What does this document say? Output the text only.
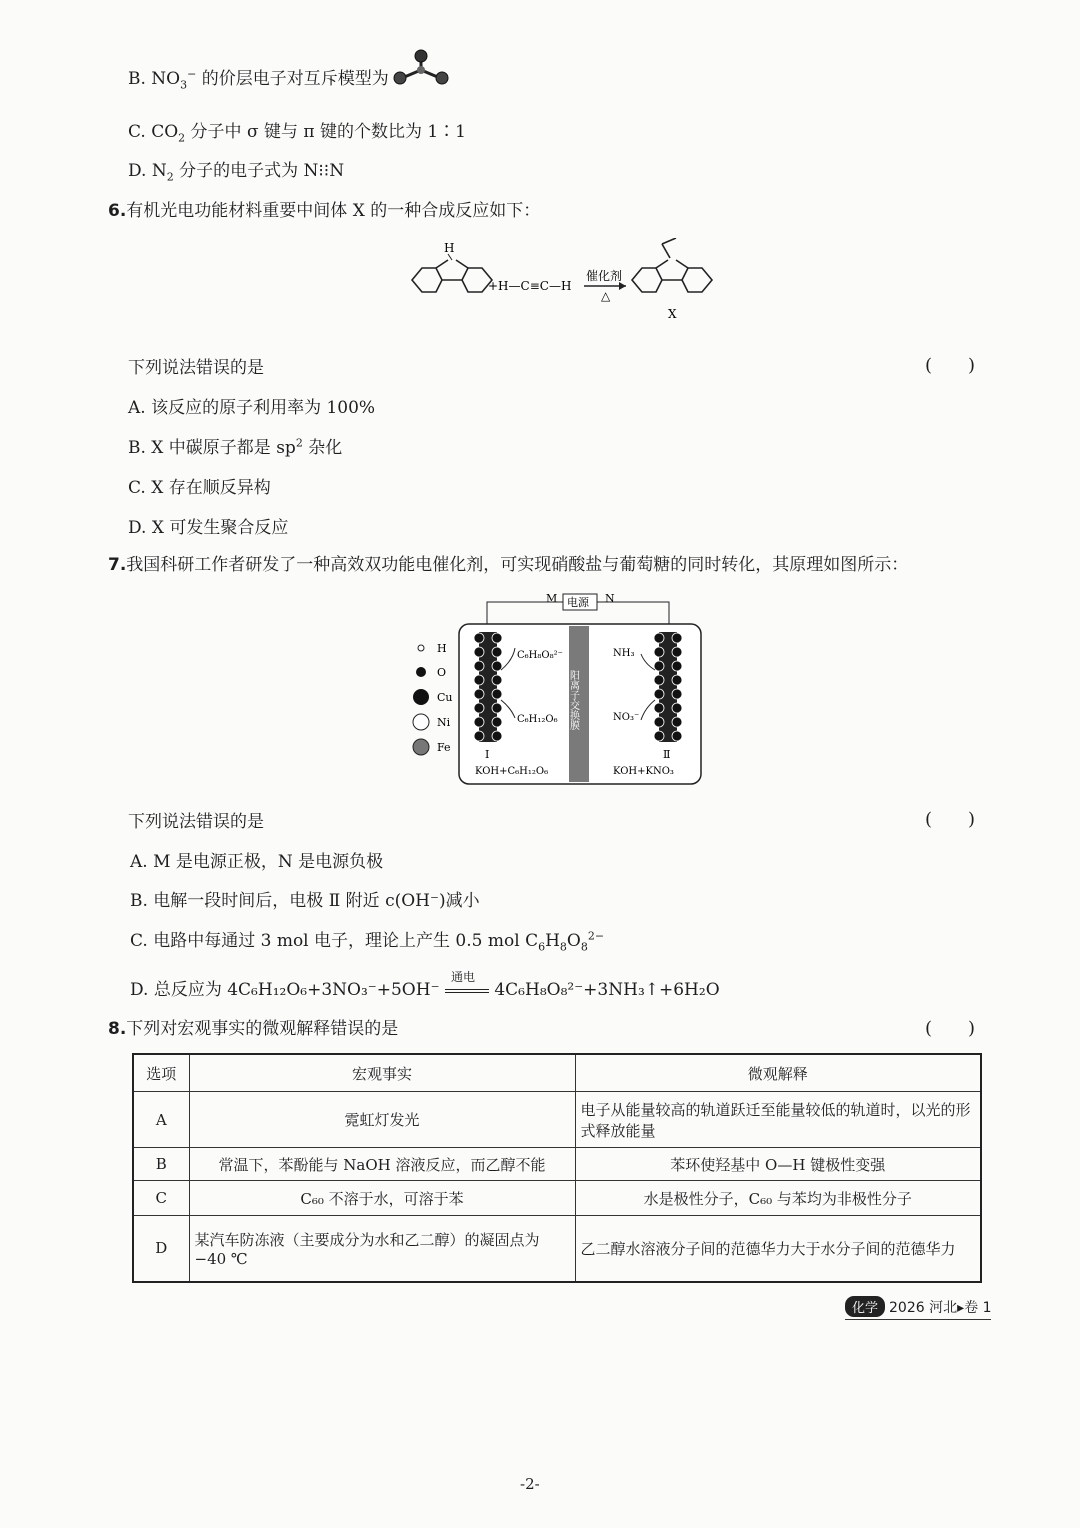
B. $NO_3^-$ 的价层电子对互斥模型为
C. $CO_2$ 分子中 σ 键与 π 键的个数比为 1∶1
D. $N_2$ 分子的电子式为 N⁝⁝N
6.有机光电功能材料重要中间体 X 的一种合成反应如下：
H
+H—C≡C—H
催化剂
△
X
下列说法错误的是	(　　)
A. 该反应的原子利用率为 100%
B. X 中碳原子都是 $sp^2$ 杂化
C. X 存在顺反异构
D. X 可发生聚合反应
7.我国科研工作者研发了一种高效双功能电催化剂，可实现硝酸盐与葡萄糖的同时转化，其原理如图所示：
H
O
Cu
Ni
Fe
电源
M	N
阳离子交换膜
C₆H₈O₈²⁻
C₆H₁₂O₆
Ⅰ
KOH+C₆H₁₂O₆
NH₃
NO₃⁻
Ⅱ
KOH+KNO₃
下列说法错误的是	(　　)
A. M 是电源正极，N 是电源负极
B. 电解一段时间后，电极 Ⅱ 附近 c(OH⁻)减小
C. 电路中每通过 3 mol 电子，理论上产生 0.5 mol $C_6H_8O_8^{2-}$
D. 总反应为 4C₆H₁₂O₆+3NO₃⁻+5OH⁻
通电
4C₆H₈O₈²⁻+3NH₃↑+6H₂O
8.下列对宏观事实的微观解释错误的是	(　　)
选项	宏观事实	微观解释
A	霓虹灯发光	电子从能量较高的轨道跃迁至能量较低的轨道时，以光的形式释放能量
B	常温下，苯酚能与 NaOH 溶液反应，而乙醇不能	苯环使羟基中 O—H 键极性变强
C	C₆₀ 不溶于水，可溶于苯	水是极性分子，C₆₀ 与苯均为非极性分子
D	某汽车防冻液（主要成分为水和乙二醇）的凝固点为 −40 ℃	乙二醇水溶液分子间的范德华力大于水分子间的范德华力
化学 2026 河北▸卷 1
-2-
